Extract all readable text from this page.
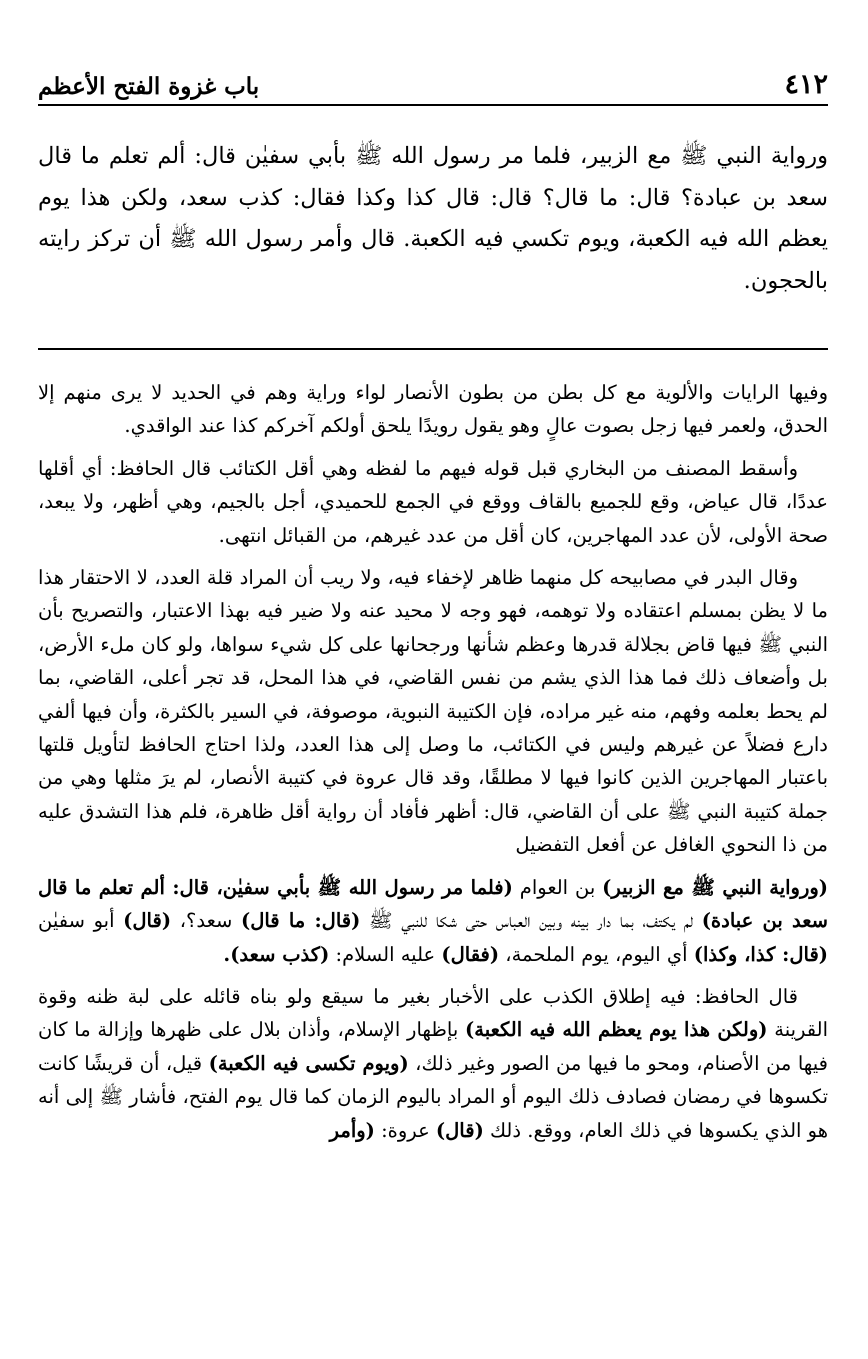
٤١٢
باب غزوة الفتح الأعظم

ورواية النبي ﷺ مع الزبير، فلما مر رسول الله ﷺ بأبي سفيٰن قال: ألم تعلم ما قال سعد بن عبادة؟ قال: ما قال؟ قال: قال كذا وكذا فقال: كذب سعد، ولكن هذا يوم يعظم الله فيه الكعبة، ويوم تكسي فيه الكعبة. قال وأمر رسول الله ﷺ أن تركز رايته بالحجون.

وفيها الرايات والألوية مع كل بطن من بطون الأنصار لواء وراية وهم في الحديد لا يرى منهم إلا الحدق، ولعمر فيها زجل بصوت عالٍ وهو يقول رويدًا يلحق أولكم آخركم كذا عند الواقدي.

وأسقط المصنف من البخاري قبل قوله فيهم ما لفظه وهي أقل الكتائب قال الحافظ: أي أقلها عددًا، قال عياض، وقع للجميع بالقاف ووقع في الجمع للحميدي، أجل بالجيم، وهي أظهر، ولا يبعد، صحة الأولى، لأن عدد المهاجرين، كان أقل من عدد غيرهم، من القبائل انتهى.

وقال البدر في مصابيحه كل منهما ظاهر لإخفاء فيه، ولا ريب أن المراد قلة العدد، لا الاحتقار هذا ما لا يظن بمسلم اعتقاده ولا توهمه، فهو وجه لا محيد عنه ولا ضير فيه بهذا الاعتبار، والتصريح بأن النبي ﷺ فيها قاض بجلالة قدرها وعظم شأنها ورجحانها على كل شيء سواها، ولو كان ملء الأرض، بل وأضعاف ذلك فما هذا الذي يشم من نفس القاضي، في هذا المحل، قد تجر أعلى، القاضي، بما لم يحط بعلمه وفهم، منه غير مراده، فإن الكتيبة النبوية، موصوفة، في السير بالكثرة، وأن فيها ألفي دارع فضلاً عن غيرهم وليس في الكتائب، ما وصل إلى هذا العدد، ولذا احتاج الحافظ لتأويل قلتها باعتبار المهاجرين الذين كانوا فيها لا مطلقًا، وقد قال عروة في كتيبة الأنصار، لم يرَ مثلها وهي من جملة كتيبة النبي ﷺ على أن القاضي، قال: أظهر فأفاد أن رواية أقل ظاهرة، فلم هذا التشدق عليه من ذا النحوي الغافل عن أفعل التفضيل

(ورواية النبي ﷺ مع الزبير) بن العوام (فلما مر رسول الله ﷺ بأبي سفيٰن، قال: ألم تعلم ما قال سعد بن عبادة) لم يكتف، بما دار بينه وبين العباس حتى شكا للنبي ﷺ (قال: ما قال) سعد؟، (قال) أبو سفيٰن (قال: كذا، وكذا) أي اليوم، يوم الملحمة، (فقال) عليه السلام: (كذب سعد).

قال الحافظ: فيه إطلاق الكذب على الأخبار بغير ما سيقع ولو بناه قائله على لبة ظنه وقوة القرينة (ولكن هذا يوم يعظم الله فيه الكعبة) بإظهار الإسلام، وأذان بلال على ظهرها وإزالة ما كان فيها من الأصنام، ومحو ما فيها من الصور وغير ذلك، (ويوم تكسى فيه الكعبة) قيل، أن قريشًا كانت تكسوها في رمضان فصادف ذلك اليوم أو المراد باليوم الزمان كما قال يوم الفتح، فأشار ﷺ إلى أنه هو الذي يكسوها في ذلك العام، ووقع. ذلك (قال) عروة: (وأمر
